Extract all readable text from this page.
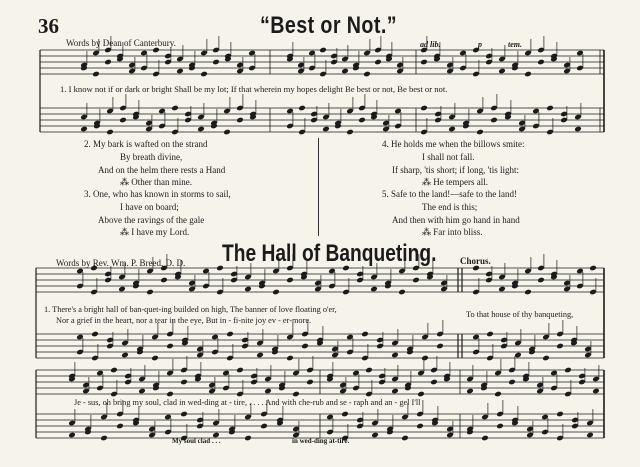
36	“Best or Not.”
Words by Dean of Canterbury.	ad lib.	p	tem.
1. I know not if or dark or bright Shall be my lot; If that wherein my hopes delight Be best or not, Be best or not.
2. My bark is wafted on the strand
By breath divine,
And on the helm there rests a Hand
⁂ Other than mine.
3. One, who has known in storms to sail,
I have on board;
Above the ravings of the gale
⁂ I have my Lord.
4. He holds me when the billows smite:
I shall not fall.
If sharp, 'tis short; if long, 'tis light:
⁂ He tempers all.
5. Safe to the land!—safe to the land!
The end is this;
And then with him go hand in hand
⁂ Far into bliss.
The Hall of Banqueting.
Words by Rev. Wm. P. Breed, D. D.	Chorus.
1. There's a bright hall of ban-quet-ing builded on high, The banner of love floating o'er,
Nor a grief in the heart, nor a tear in the eye, But in - fi-nite joy ev - er-more.
To that house of thy banqueting,
Je - sus, oh bring my soul, clad in wed-ding at - tire, . . . . And with che-rub and se - raph and an - gel I'll
My soul clad . . .	in wed-ding at-tire.
